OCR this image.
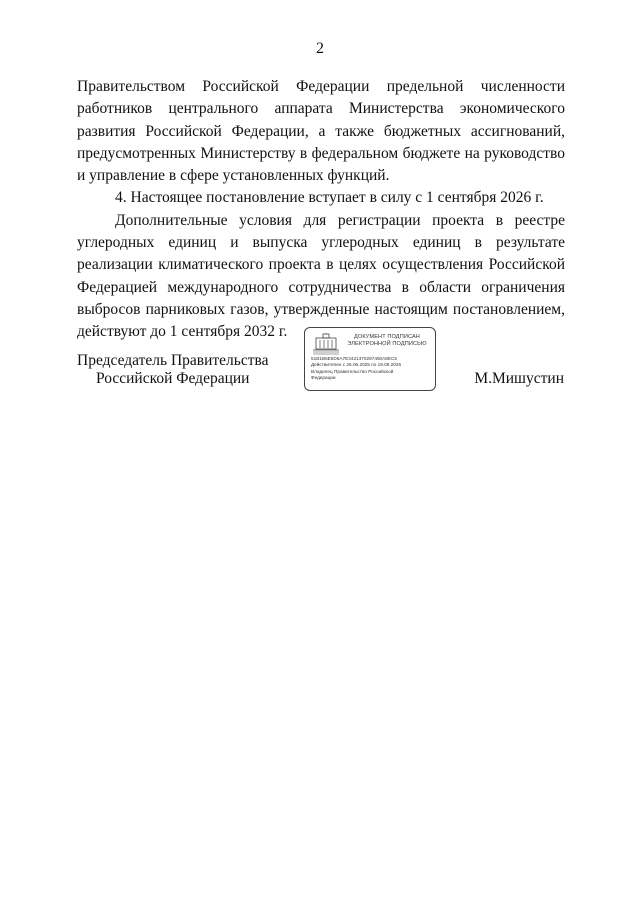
2

Правительством Российской Федерации предельной численности работников центрального аппарата Министерства экономического развития Российской Федерации, а также бюджетных ассигнований, предусмотренных Министерству в федеральном бюджете на руководство и управление в сфере установленных функций.

4. Настоящее постановление вступает в силу с 1 сентября 2026 г.

Дополнительные условия для регистрации проекта в реестре углеродных единиц и выпуска углеродных единиц в результате реализации климатического проекта в целях осуществления Российской Федерацией международного сотрудничества в области ограничения выбросов парниковых газов, утвержденные настоящим постановлением, действуют до 1 сентября 2032 г.

Председатель Правительства
Российской Федерации
ДОКУМЕНТ ПОДПИСАН
ЭЛЕКТРОННОЙ ПОДПИСЬЮ
51B1B6E5D6A7E3421370287450A8EC5
Действителен с 26.06.2025 по 19.09.2026
Владелец Правительство Российской
Федерации	М.Мишустин
